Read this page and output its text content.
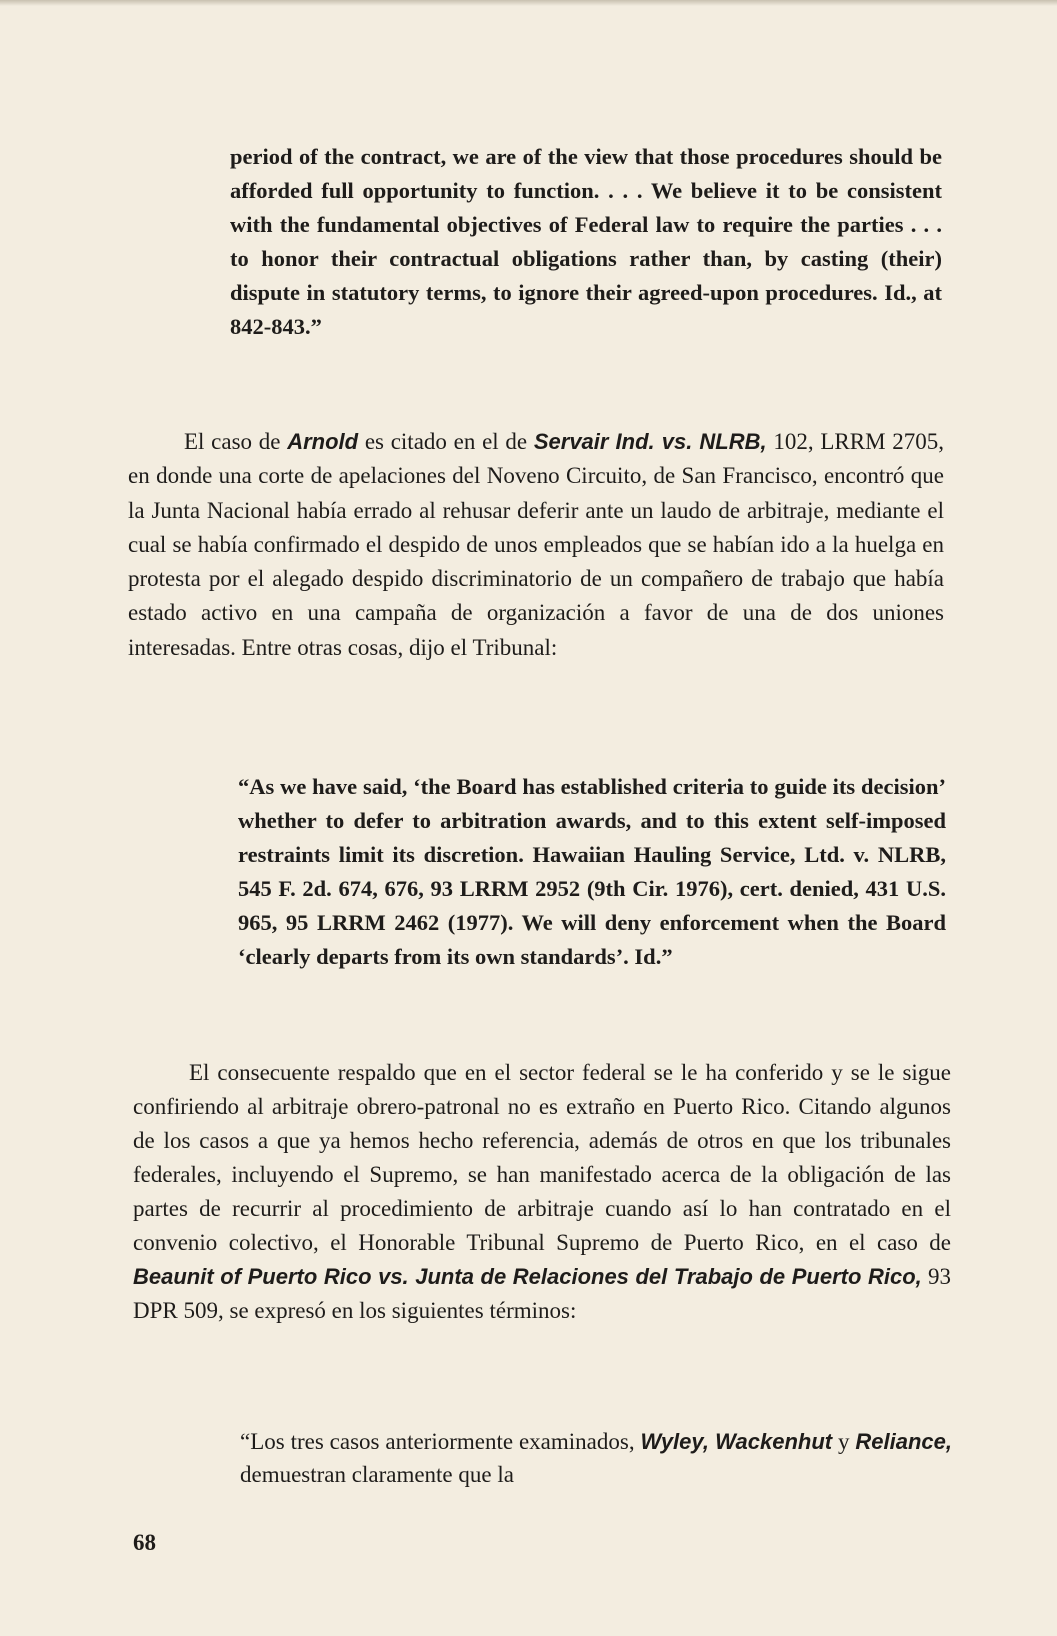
period of the contract, we are of the view that those procedures should be afforded full opportunity to function. . . . We believe it to be consistent with the fundamental objectives of Federal law to require the parties . . . to honor their contractual obligations rather than, by casting (their) dispute in statutory terms, to ignore their agreed-upon procedures. Id., at 842-843.”

El caso de Arnold es citado en el de Servair Ind. vs. NLRB, 102, LRRM 2705, en donde una corte de apelaciones del Noveno Circuito, de San Francisco, encontró que la Junta Nacional había errado al rehusar deferir ante un laudo de arbitraje, mediante el cual se había confirmado el despido de unos empleados que se habían ido a la huelga en protesta por el alegado despido discriminatorio de un compañero de trabajo que había estado activo en una campaña de organización a favor de una de dos uniones interesadas. Entre otras cosas, dijo el Tribunal:

“As we have said, ‘the Board has established criteria to guide its decision’ whether to defer to arbitration awards, and to this extent self-imposed restraints limit its discretion. Hawaiian Hauling Service, Ltd. v. NLRB, 545 F. 2d. 674, 676, 93 LRRM 2952 (9th Cir. 1976), cert. denied, 431 U.S. 965, 95 LRRM 2462 (1977). We will deny enforcement when the Board ‘clearly departs from its own standards’. Id.”

El consecuente respaldo que en el sector federal se le ha conferido y se le sigue confiriendo al arbitraje obrero-patronal no es extraño en Puerto Rico. Citando algunos de los casos a que ya hemos hecho referencia, además de otros en que los tribunales federales, incluyendo el Supremo, se han manifestado acerca de la obligación de las partes de recurrir al procedimiento de arbitraje cuando así lo han contratado en el convenio colectivo, el Honorable Tribunal Supremo de Puerto Rico, en el caso de Beaunit of Puerto Rico vs. Junta de Relaciones del Trabajo de Puerto Rico, 93 DPR 509, se expresó en los siguientes términos:

“Los tres casos anteriormente examinados, Wyley, Wackenhut y Reliance, demuestran claramente que la

68
